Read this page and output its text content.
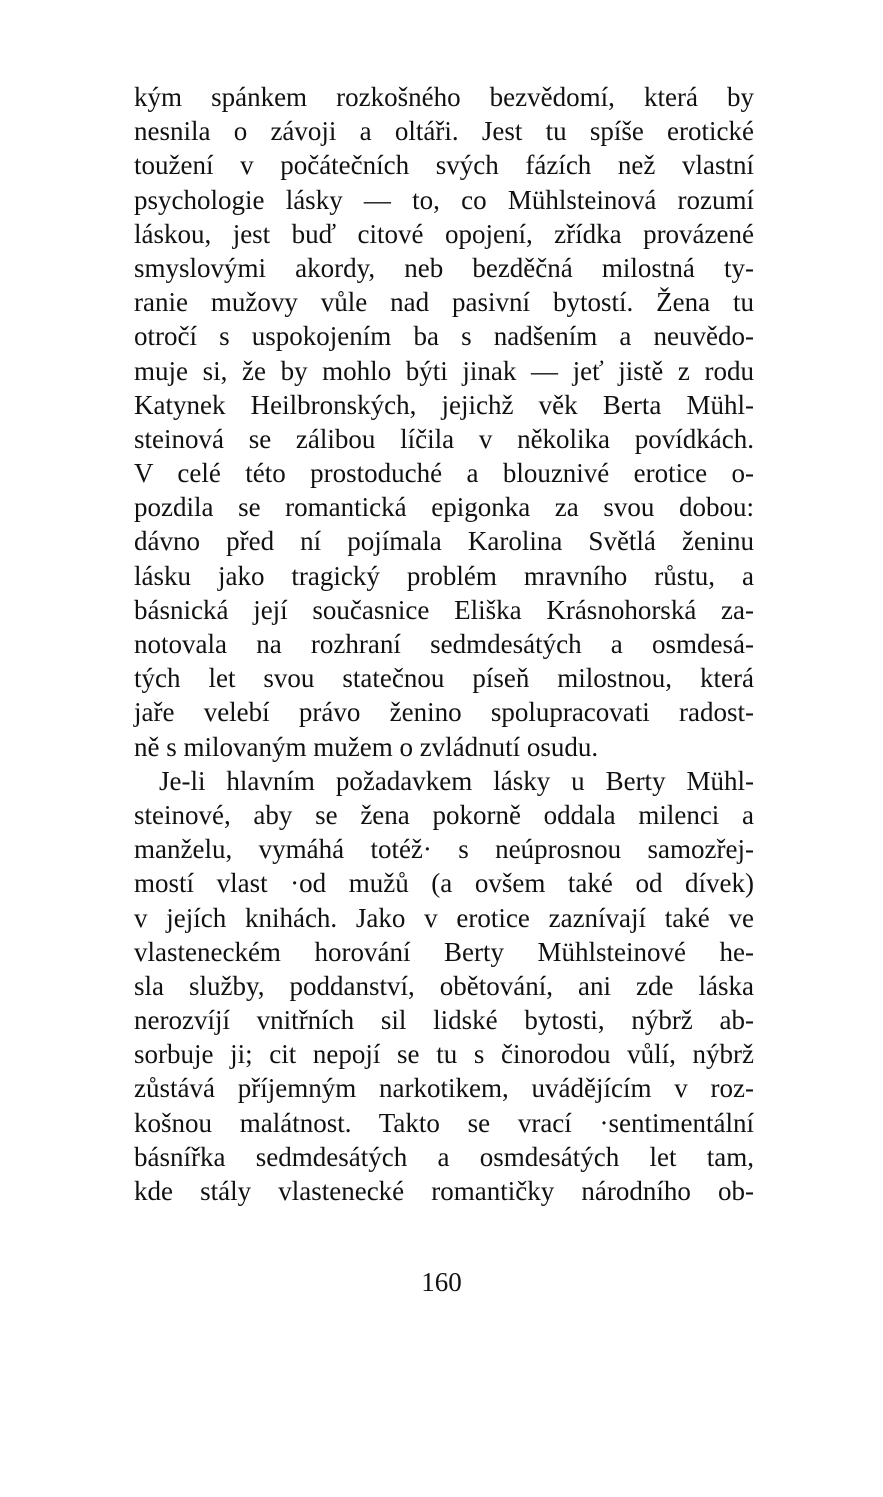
kým spánkem rozkošného bezvědomí, která by
nesnila o závoji a oltáři. Jest tu spíše erotické
toužení v počátečních svých fázích než vlastní
psychologie lásky — to, co Mühlsteinová rozumí
láskou, jest buď citové opojení, zřídka provázené
smyslovými akordy, neb bezděčná milostná ty-
ranie mužovy vůle nad pasivní bytostí. Žena tu
otročí s uspokojením ba s nadšením a neuvědo-
muje si, že by mohlo býti jinak — jeť jistě z rodu
Katynek Heilbronských, jejichž věk Berta Mühl-
steinová se zálibou líčila v několika povídkách.
V celé této prostoduché a blouznivé erotice o-
pozdila se romantická epigonka za svou dobou:
dávno před ní pojímala Karolina Světlá ženinu
lásku jako tragický problém mravního růstu, a
básnická její současnice Eliška Krásnohorská za-
notovala na rozhraní sedmdesátých a osmdesá-
tých let svou statečnou píseň milostnou, která
jaře velebí právo ženino spolupracovati radost-
ně s milovaným mužem o zvládnutí osudu.
Je-li hlavním požadavkem lásky u Berty Mühl-
steinové, aby se žena pokorně oddala milenci a
manželu, vymáhá totéž· s neúprosnou samozřej-
mostí vlast ·od mužů (a ovšem také od dívek)
v jejích knihách. Jako v erotice zaznívají také ve
vlasteneckém horování Berty Mühlsteinové he-
sla služby, poddanství, obětování, ani zde láska
nerozvíjí vnitřních sil lidské bytosti, nýbrž ab-
sorbuje ji; cit nepojí se tu s činorodou vůlí, nýbrž
zůstává příjemným narkotikem, uvádějícím v roz-
košnou malátnost. Takto se vrací ·sentimentální
básnířka sedmdesátých a osmdesátých let tam,
kde stály vlastenecké romantičky národního ob-
160
